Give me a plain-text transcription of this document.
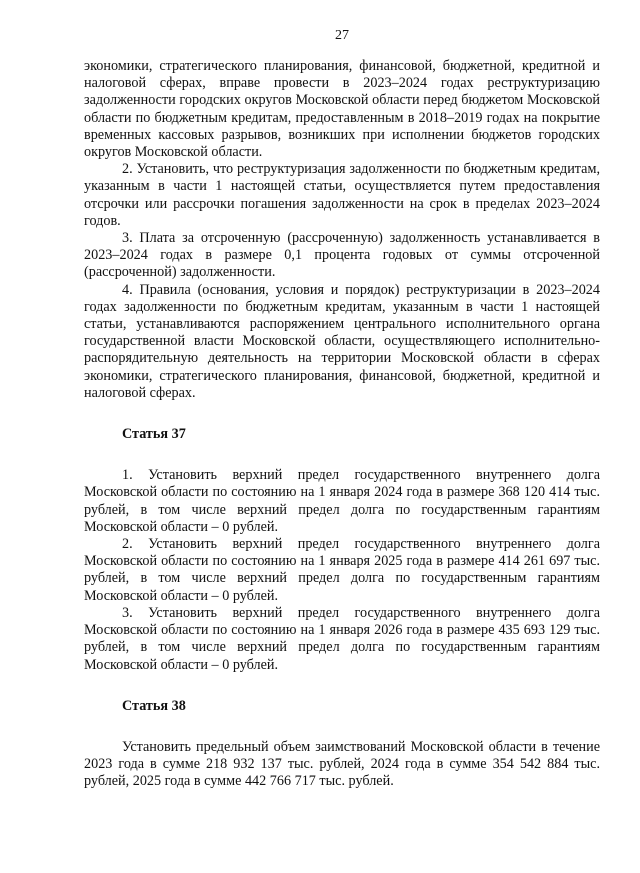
27

экономики, стратегического планирования, финансовой, бюджетной, кредитной и налоговой сферах, вправе провести в 2023–2024 годах реструктуризацию задолженности городских округов Московской области перед бюджетом Московской области по бюджетным кредитам, предоставленным в 2018–2019 годах на покрытие временных кассовых разрывов, возникших при исполнении бюджетов городских округов Московской области.

2. Установить, что реструктуризация задолженности по бюджетным кредитам, указанным в части 1 настоящей статьи, осуществляется путем предоставления отсрочки или рассрочки погашения задолженности на срок в пределах 2023–2024 годов.

3. Плата за отсроченную (рассроченную) задолженность устанавливается в 2023–2024 годах в размере 0,1 процента годовых от суммы отсроченной (рассроченной) задолженности.

4. Правила (основания, условия и порядок) реструктуризации в 2023–2024 годах задолженности по бюджетным кредитам, указанным в части 1 настоящей статьи, устанавливаются распоряжением центрального исполнительного органа государственной власти Московской области, осуществляющего исполнительно-распорядительную деятельность на территории Московской области в сферах экономики, стратегического планирования, финансовой, бюджетной, кредитной и налоговой сферах.

Статья 37

1. Установить верхний предел государственного внутреннего долга Московской области по состоянию на 1 января 2024 года в размере 368 120 414 тыс. рублей, в том числе верхний предел долга по государственным гарантиям Московской области – 0 рублей.

2. Установить верхний предел государственного внутреннего долга Московской области по состоянию на 1 января 2025 года в размере 414 261 697 тыс. рублей, в том числе верхний предел долга по государственным гарантиям Московской области – 0 рублей.

3. Установить верхний предел государственного внутреннего долга Московской области по состоянию на 1 января 2026 года в размере 435 693 129 тыс. рублей, в том числе верхний предел долга по государственным гарантиям Московской области – 0 рублей.

Статья 38

Установить предельный объем заимствований Московской области в течение 2023 года в сумме 218 932 137 тыс. рублей, 2024 года в сумме 354 542 884 тыс. рублей, 2025 года в сумме 442 766 717 тыс. рублей.
